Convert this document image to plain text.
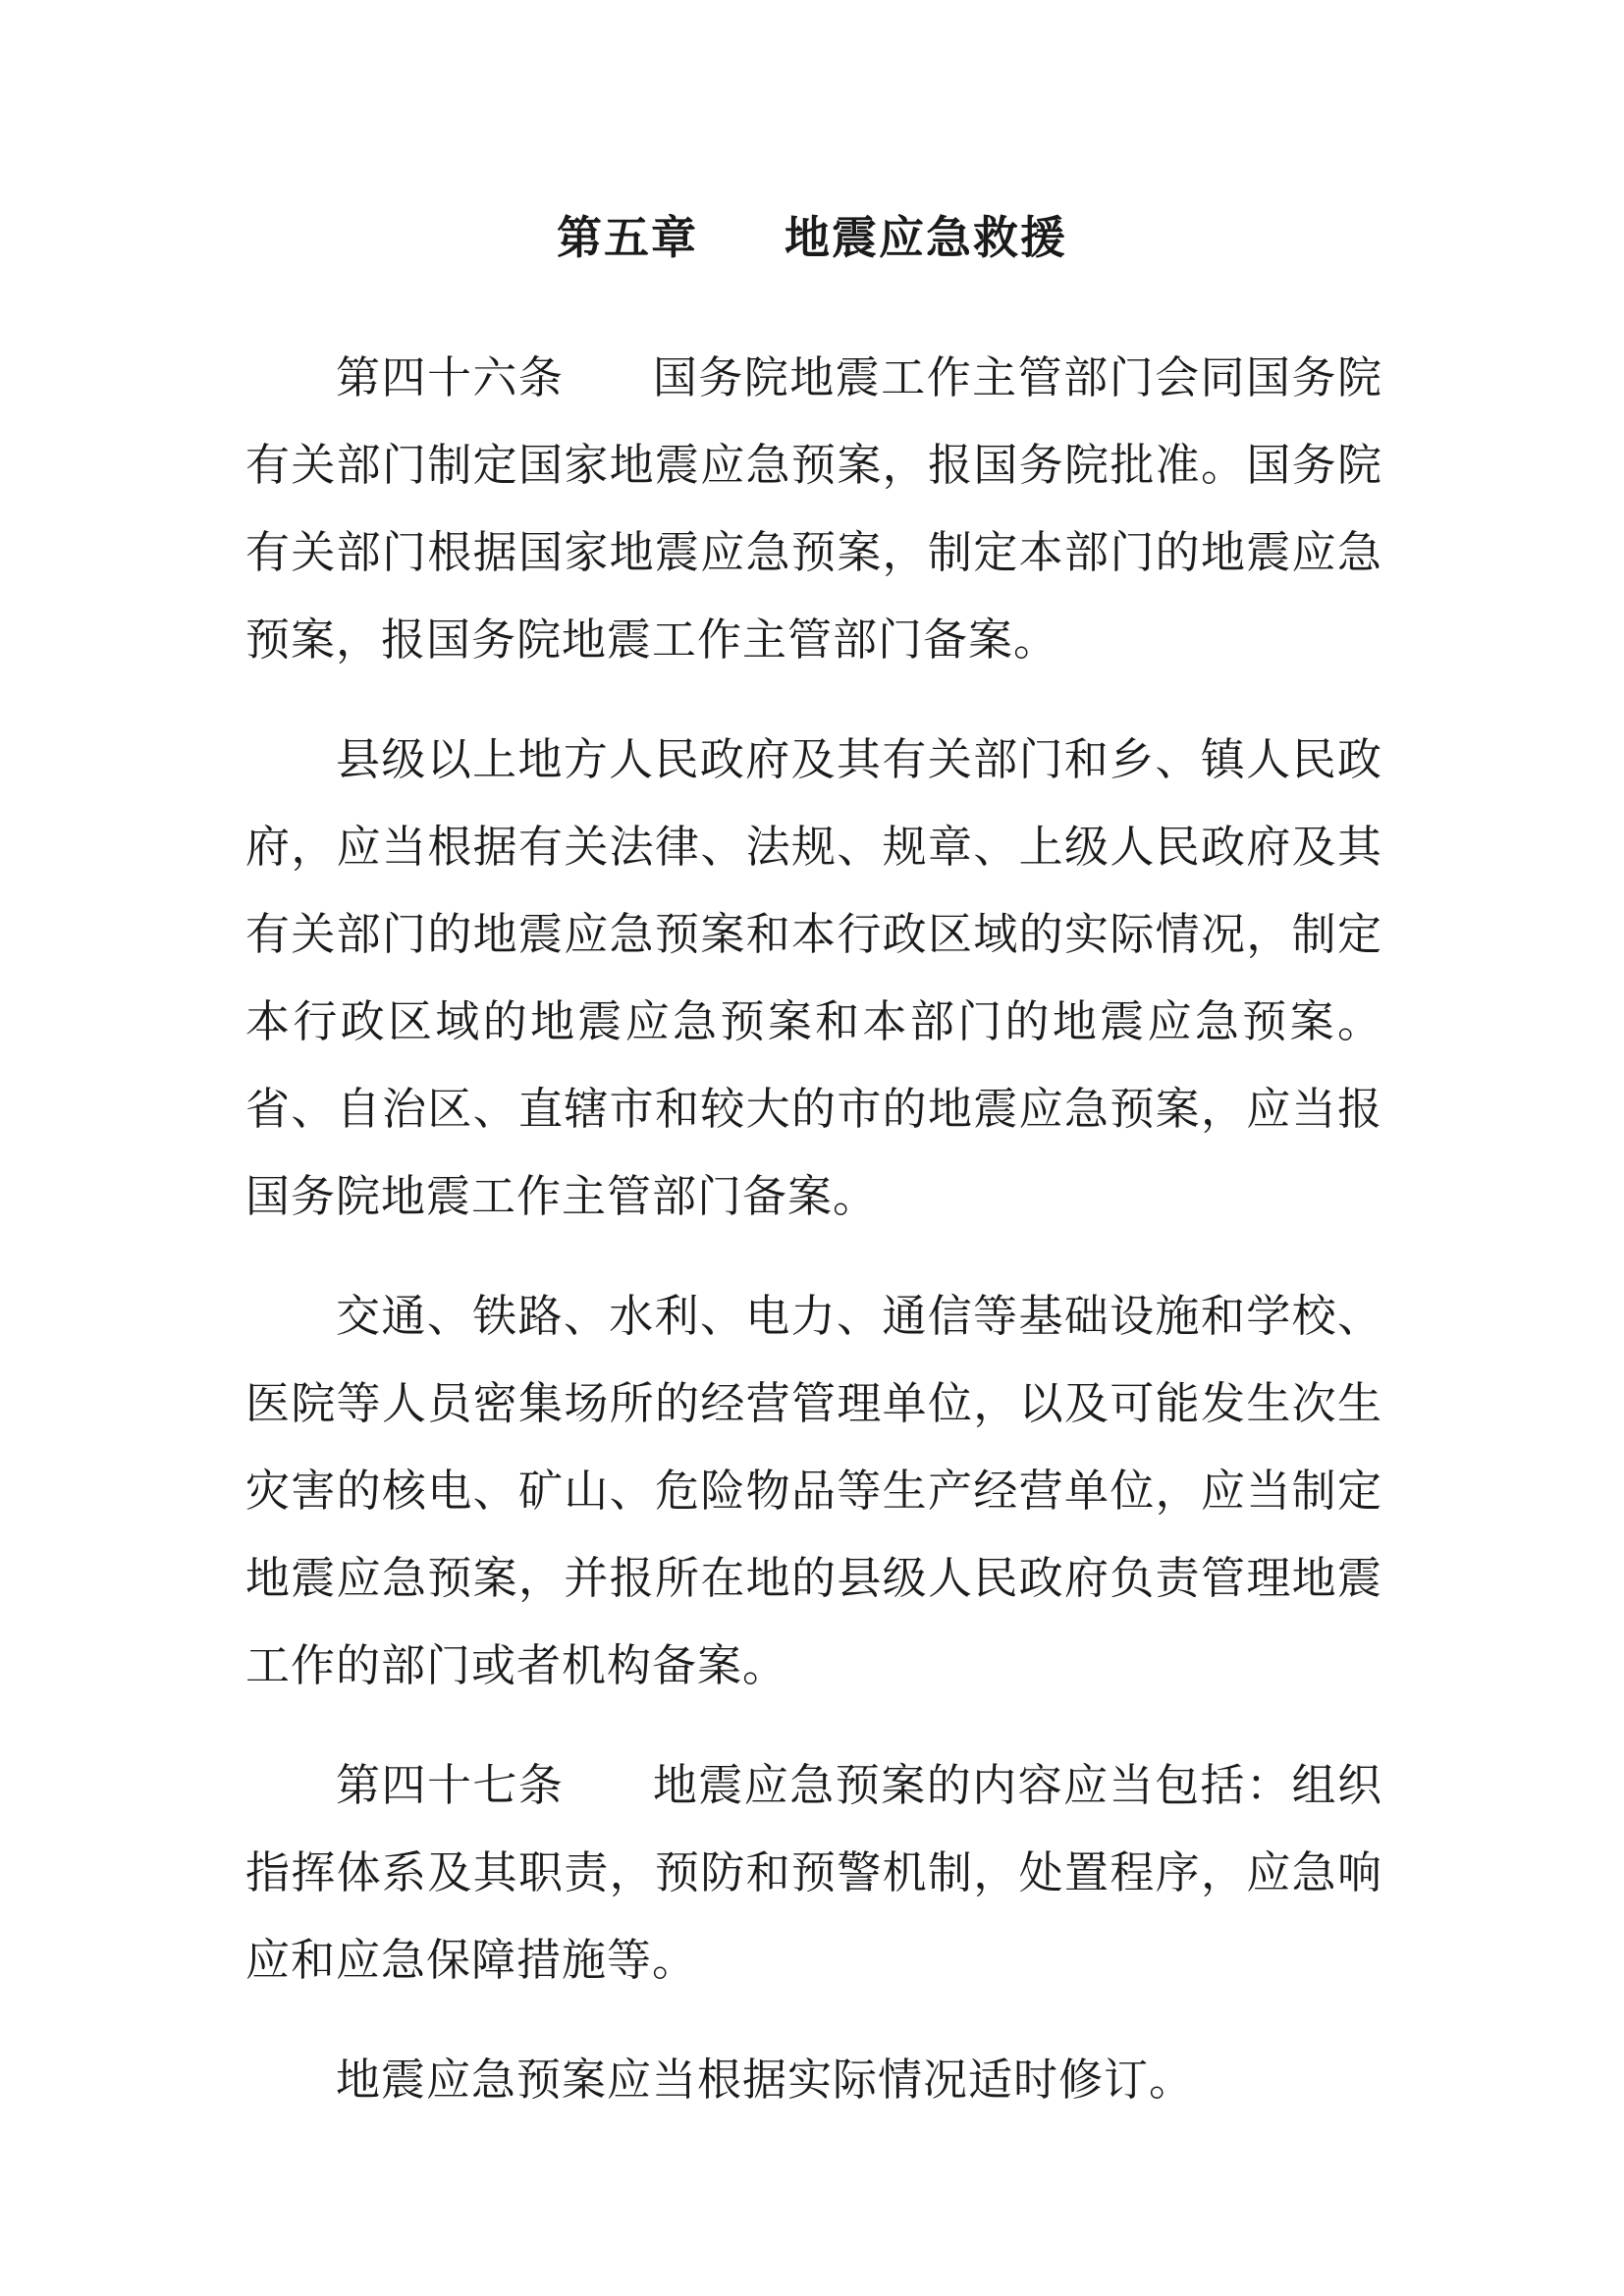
第五章 地震应急救援

第四十六条 国务院地震工作主管部门会同国务院有关部门制定国家地震应急预案，报国务院批准。国务院有关部门根据国家地震应急预案，制定本部门的地震应急预案，报国务院地震工作主管部门备案。

县级以上地方人民政府及其有关部门和乡、镇人民政府，应当根据有关法律、法规、规章、上级人民政府及其有关部门的地震应急预案和本行政区域的实际情况，制定本行政区域的地震应急预案和本部门的地震应急预案。省、自治区、直辖市和较大的市的地震应急预案，应当报国务院地震工作主管部门备案。

交通、铁路、水利、电力、通信等基础设施和学校、医院等人员密集场所的经营管理单位，以及可能发生次生灾害的核电、矿山、危险物品等生产经营单位，应当制定地震应急预案，并报所在地的县级人民政府负责管理地震工作的部门或者机构备案。

第四十七条 地震应急预案的内容应当包括：组织指挥体系及其职责，预防和预警机制，处置程序，应急响应和应急保障措施等。

地震应急预案应当根据实际情况适时修订。
